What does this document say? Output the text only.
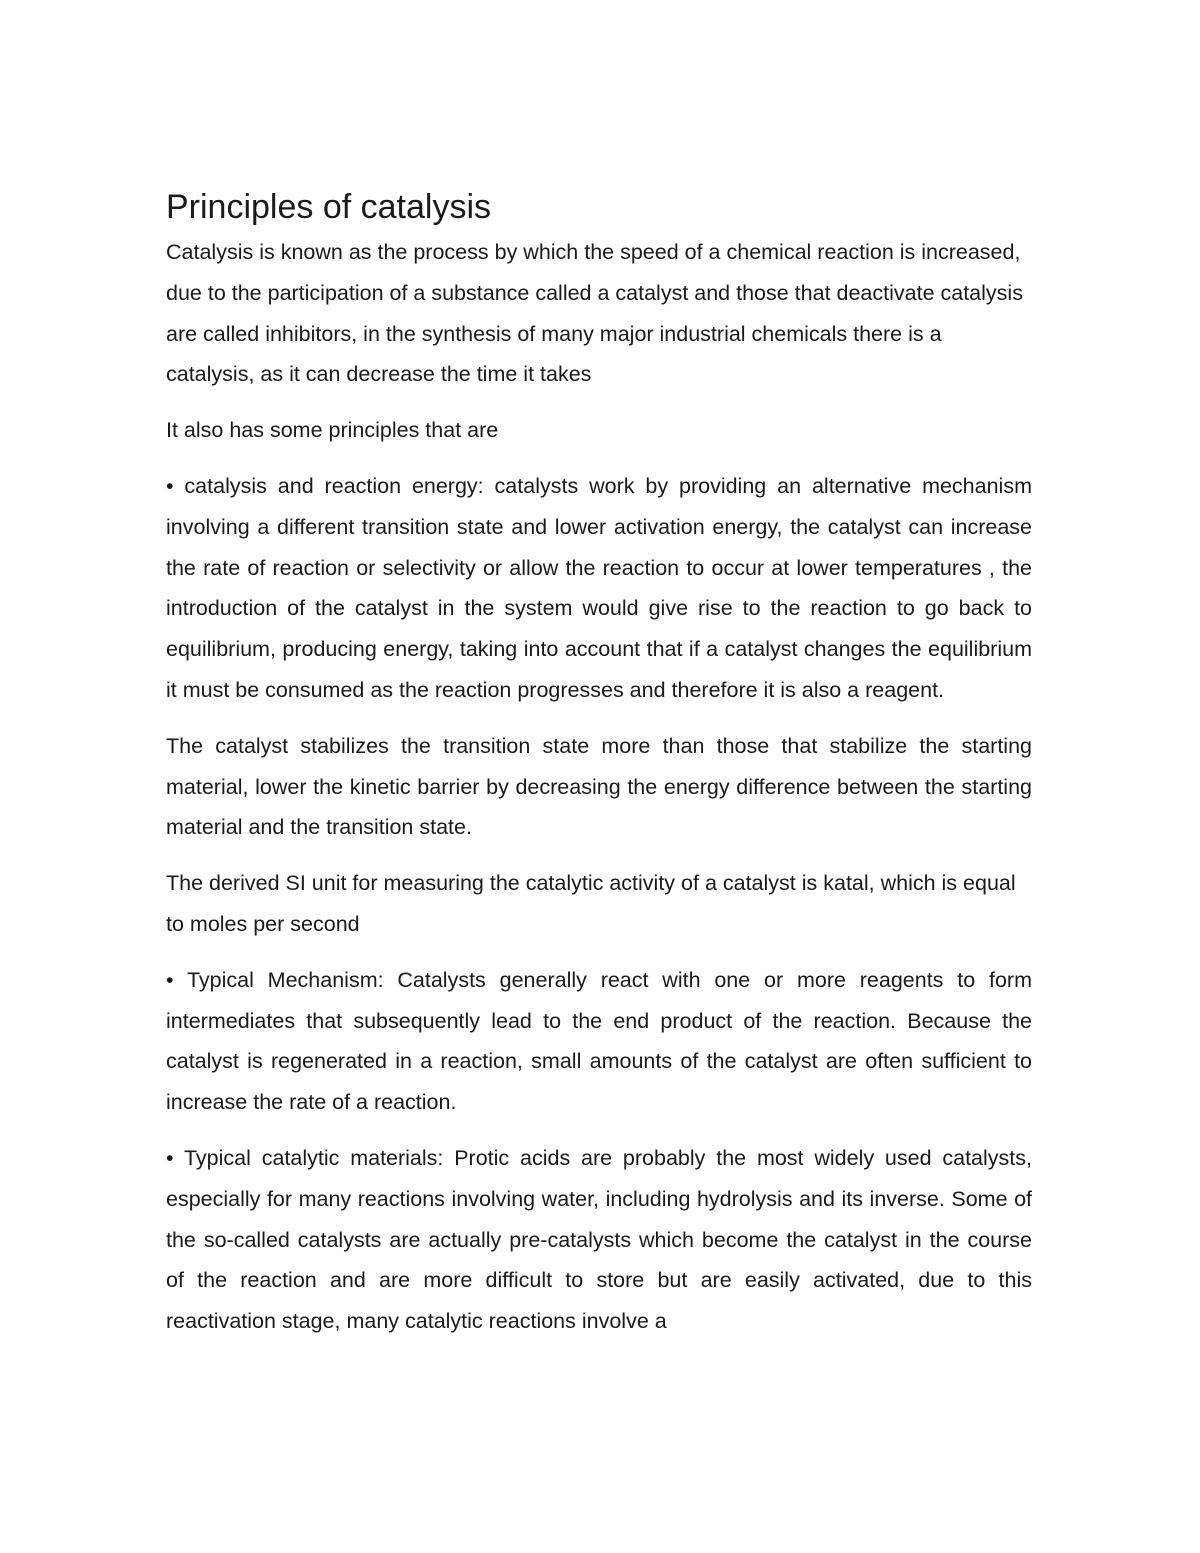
Principles of catalysis

Catalysis is known as the process by which the speed of a chemical reaction is increased, due to the participation of a substance called a catalyst and those that deactivate catalysis are called inhibitors, in the synthesis of many major industrial chemicals there is a catalysis, as it can decrease the time it takes

It also has some principles that are

• catalysis and reaction energy: catalysts work by providing an alternative mechanism involving a different transition state and lower activation energy, the catalyst can increase the rate of reaction or selectivity or allow the reaction to occur at lower temperatures , the introduction of the catalyst in the system would give rise to the reaction to go back to equilibrium, producing energy, taking into account that if a catalyst changes the equilibrium it must be consumed as the reaction progresses and therefore it is also a reagent.

The catalyst stabilizes the transition state more than those that stabilize the starting material, lower the kinetic barrier by decreasing the energy difference between the starting material and the transition state.

The derived SI unit for measuring the catalytic activity of a catalyst is katal, which is equal to moles per second

• Typical Mechanism: Catalysts generally react with one or more reagents to form intermediates that subsequently lead to the end product of the reaction. Because the catalyst is regenerated in a reaction, small amounts of the catalyst are often sufficient to increase the rate of a reaction.

• Typical catalytic materials: Protic acids are probably the most widely used catalysts, especially for many reactions involving water, including hydrolysis and its inverse. Some of the so-called catalysts are actually pre-catalysts which become the catalyst in the course of the reaction and are more difficult to store but are easily activated, due to this reactivation stage, many catalytic reactions involve a
